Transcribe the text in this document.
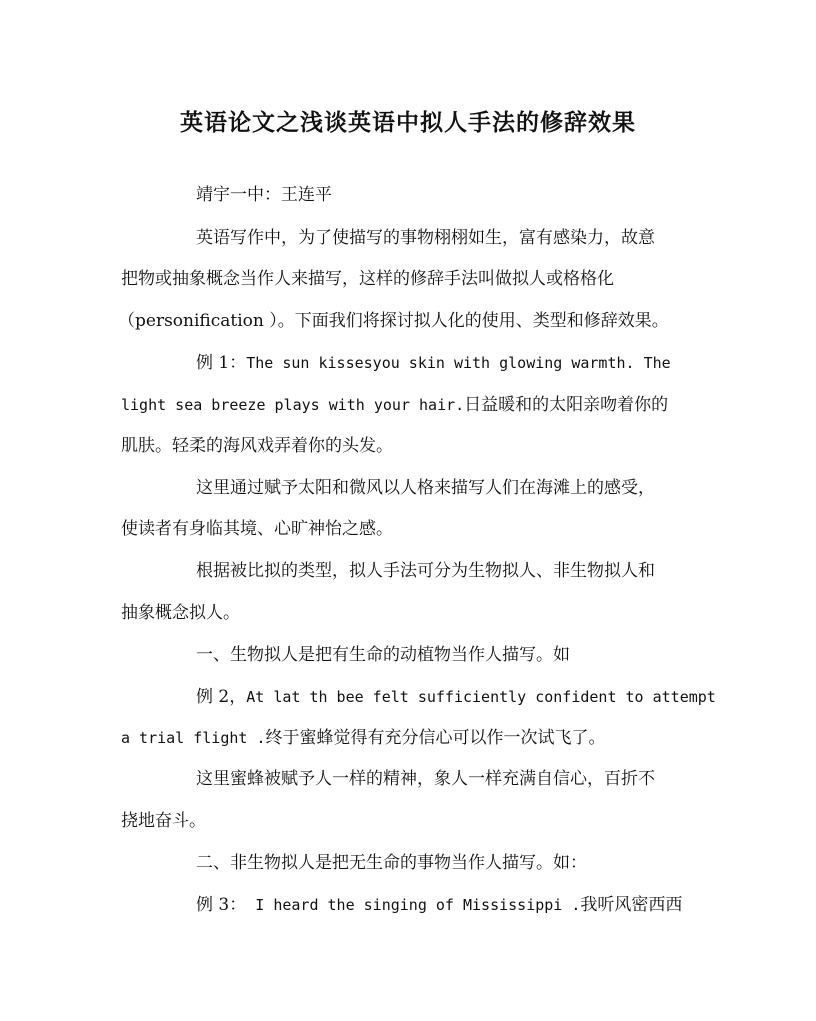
英语论文之浅谈英语中拟人手法的修辞效果
靖宇一中：王连平
英语写作中，为了使描写的事物栩栩如生，富有感染力，故意
把物或抽象概念当作人来描写，这样的修辞手法叫做拟人或格格化
（personification ）。下面我们将探讨拟人化的使用、类型和修辞效果。
例 1：The sun kissesyou skin with glowing warmth. The
light sea breeze plays with your hair.日益暖和的太阳亲吻着你的
肌肤。轻柔的海风戏弄着你的头发。
这里通过赋予太阳和微风以人格来描写人们在海滩上的感受，
使读者有身临其境、心旷神怡之感。
根据被比拟的类型，拟人手法可分为生物拟人、非生物拟人和
抽象概念拟人。
一、生物拟人是把有生命的动植物当作人描写。如
例 2，At lat th bee felt sufficiently confident to attempt
a trial flight .终于蜜蜂觉得有充分信心可以作一次试飞了。
这里蜜蜂被赋予人一样的精神，象人一样充满自信心，百折不
挠地奋斗。
二、非生物拟人是把无生命的事物当作人描写。如：
例 3： I heard the singing of Mississippi .我听风密西西
